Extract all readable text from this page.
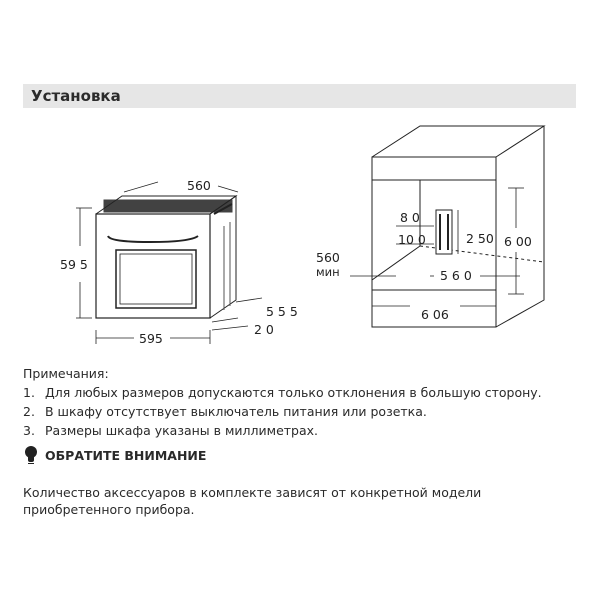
Установка
560
59 5
595
5 5 5
2 0
8 0
10 0	2 50 6 00
560
мин	5 6 0
6 06
Примечания:
1. Для любых размеров допускаются только отклонения в большую сторону.
2. В шкафу отсутствует выключатель питания или розетка.
3. Размеры шкафа указаны в миллиметрах.
ОБРАТИТЕ ВНИМАНИЕ
Количество аксессуаров в комплекте зависят от конкретной модели приобретенного прибора.
